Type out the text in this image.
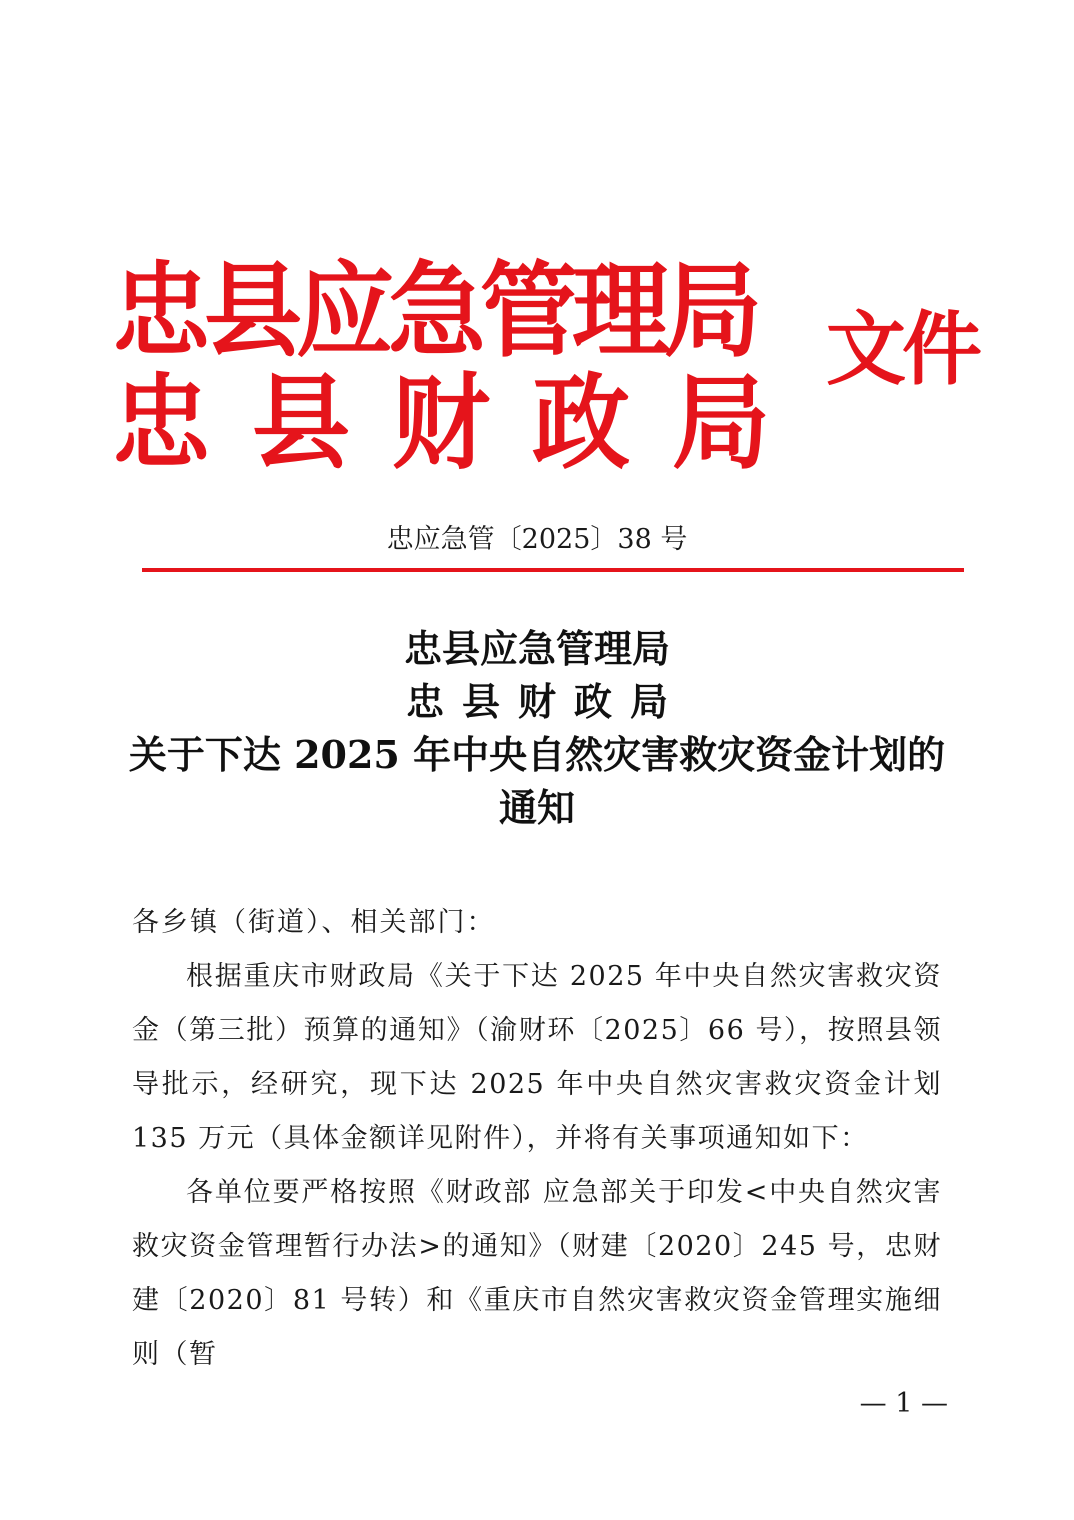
忠县应急管理局
忠县财政局
文件
忠应急管〔2025〕38 号
忠县应急管理局
忠县财政局
关于下达 2025 年中央自然灾害救灾资金计划的
通知

各乡镇（街道）、相关部门：

根据重庆市财政局《关于下达 2025 年中央自然灾害救灾资金（第三批）预算的通知》（渝财环〔2025〕66 号），按照县领导批示，经研究，现下达 2025 年中央自然灾害救灾资金计划 135 万元（具体金额详见附件），并将有关事项通知如下：

各单位要严格按照《财政部 应急部关于印发<中央自然灾害救灾资金管理暂行办法>的通知》（财建〔2020〕245 号，忠财建〔2020〕81 号转）和《重庆市自然灾害救灾资金管理实施细则（暂

— 1 —
